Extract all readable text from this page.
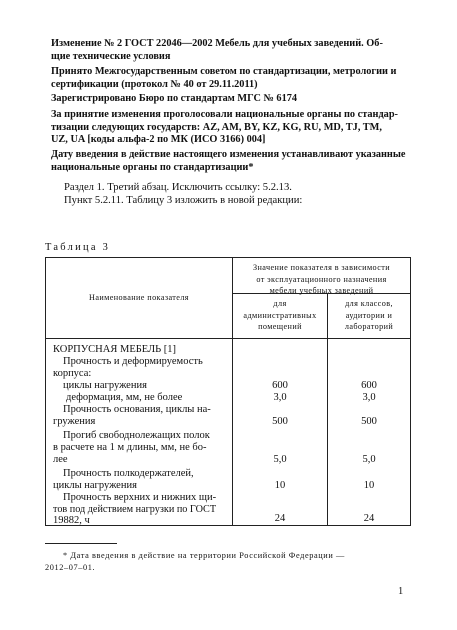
Изменение № 2 ГОСТ 22046—2002 Мебель для учебных заведений. Об-
щие технические условия
Принято Межгосударственным советом по стандартизации, метрологии и
сертификации (протокол № 40 от 29.11.2011)
Зарегистрировано Бюро по стандартам МГС № 6174
За принятие изменения проголосовали национальные органы по стандар-
тизации следующих государств: AZ, AM, BY, KZ, KG, RU, MD, TJ, TM,
UZ, UA [коды альфа-2 по МК (ИСО 3166) 004]
Дату введения в действие настоящего изменения устанавливают указанные
национальные органы по стандартизации*
Раздел 1. Третий абзац. Исключить ссылку: 5.2.13.
Пункт 5.2.11. Таблицу 3 изложить в новой редакции:
Таблица 3
Наименование показателя
Значение показателя в зависимости
от эксплуатационного назначения
мебели учебных заведений
для
административных
помещений
для классов,
аудитории и
лабораторий
КОРПУСНАЯ МЕБЕЛЬ [1]
Прочность и деформируемость
корпуса:
циклы нагружения	600	600
деформация, мм, не более	3,0	3,0
Прочность основания, циклы на-
гружения	500	500
Прогиб свободнолежащих полок
в расчете на 1 м длины, мм, не бо-
лее	5,0	5,0
Прочность полкодержателей,
циклы нагружения	10	10
Прочность верхних и нижних щи-
тов под действием нагрузки по ГОСТ
19882, ч	24	24
* Дата введения в действие на территории Российской Федерации —
2012–07–01.
1
